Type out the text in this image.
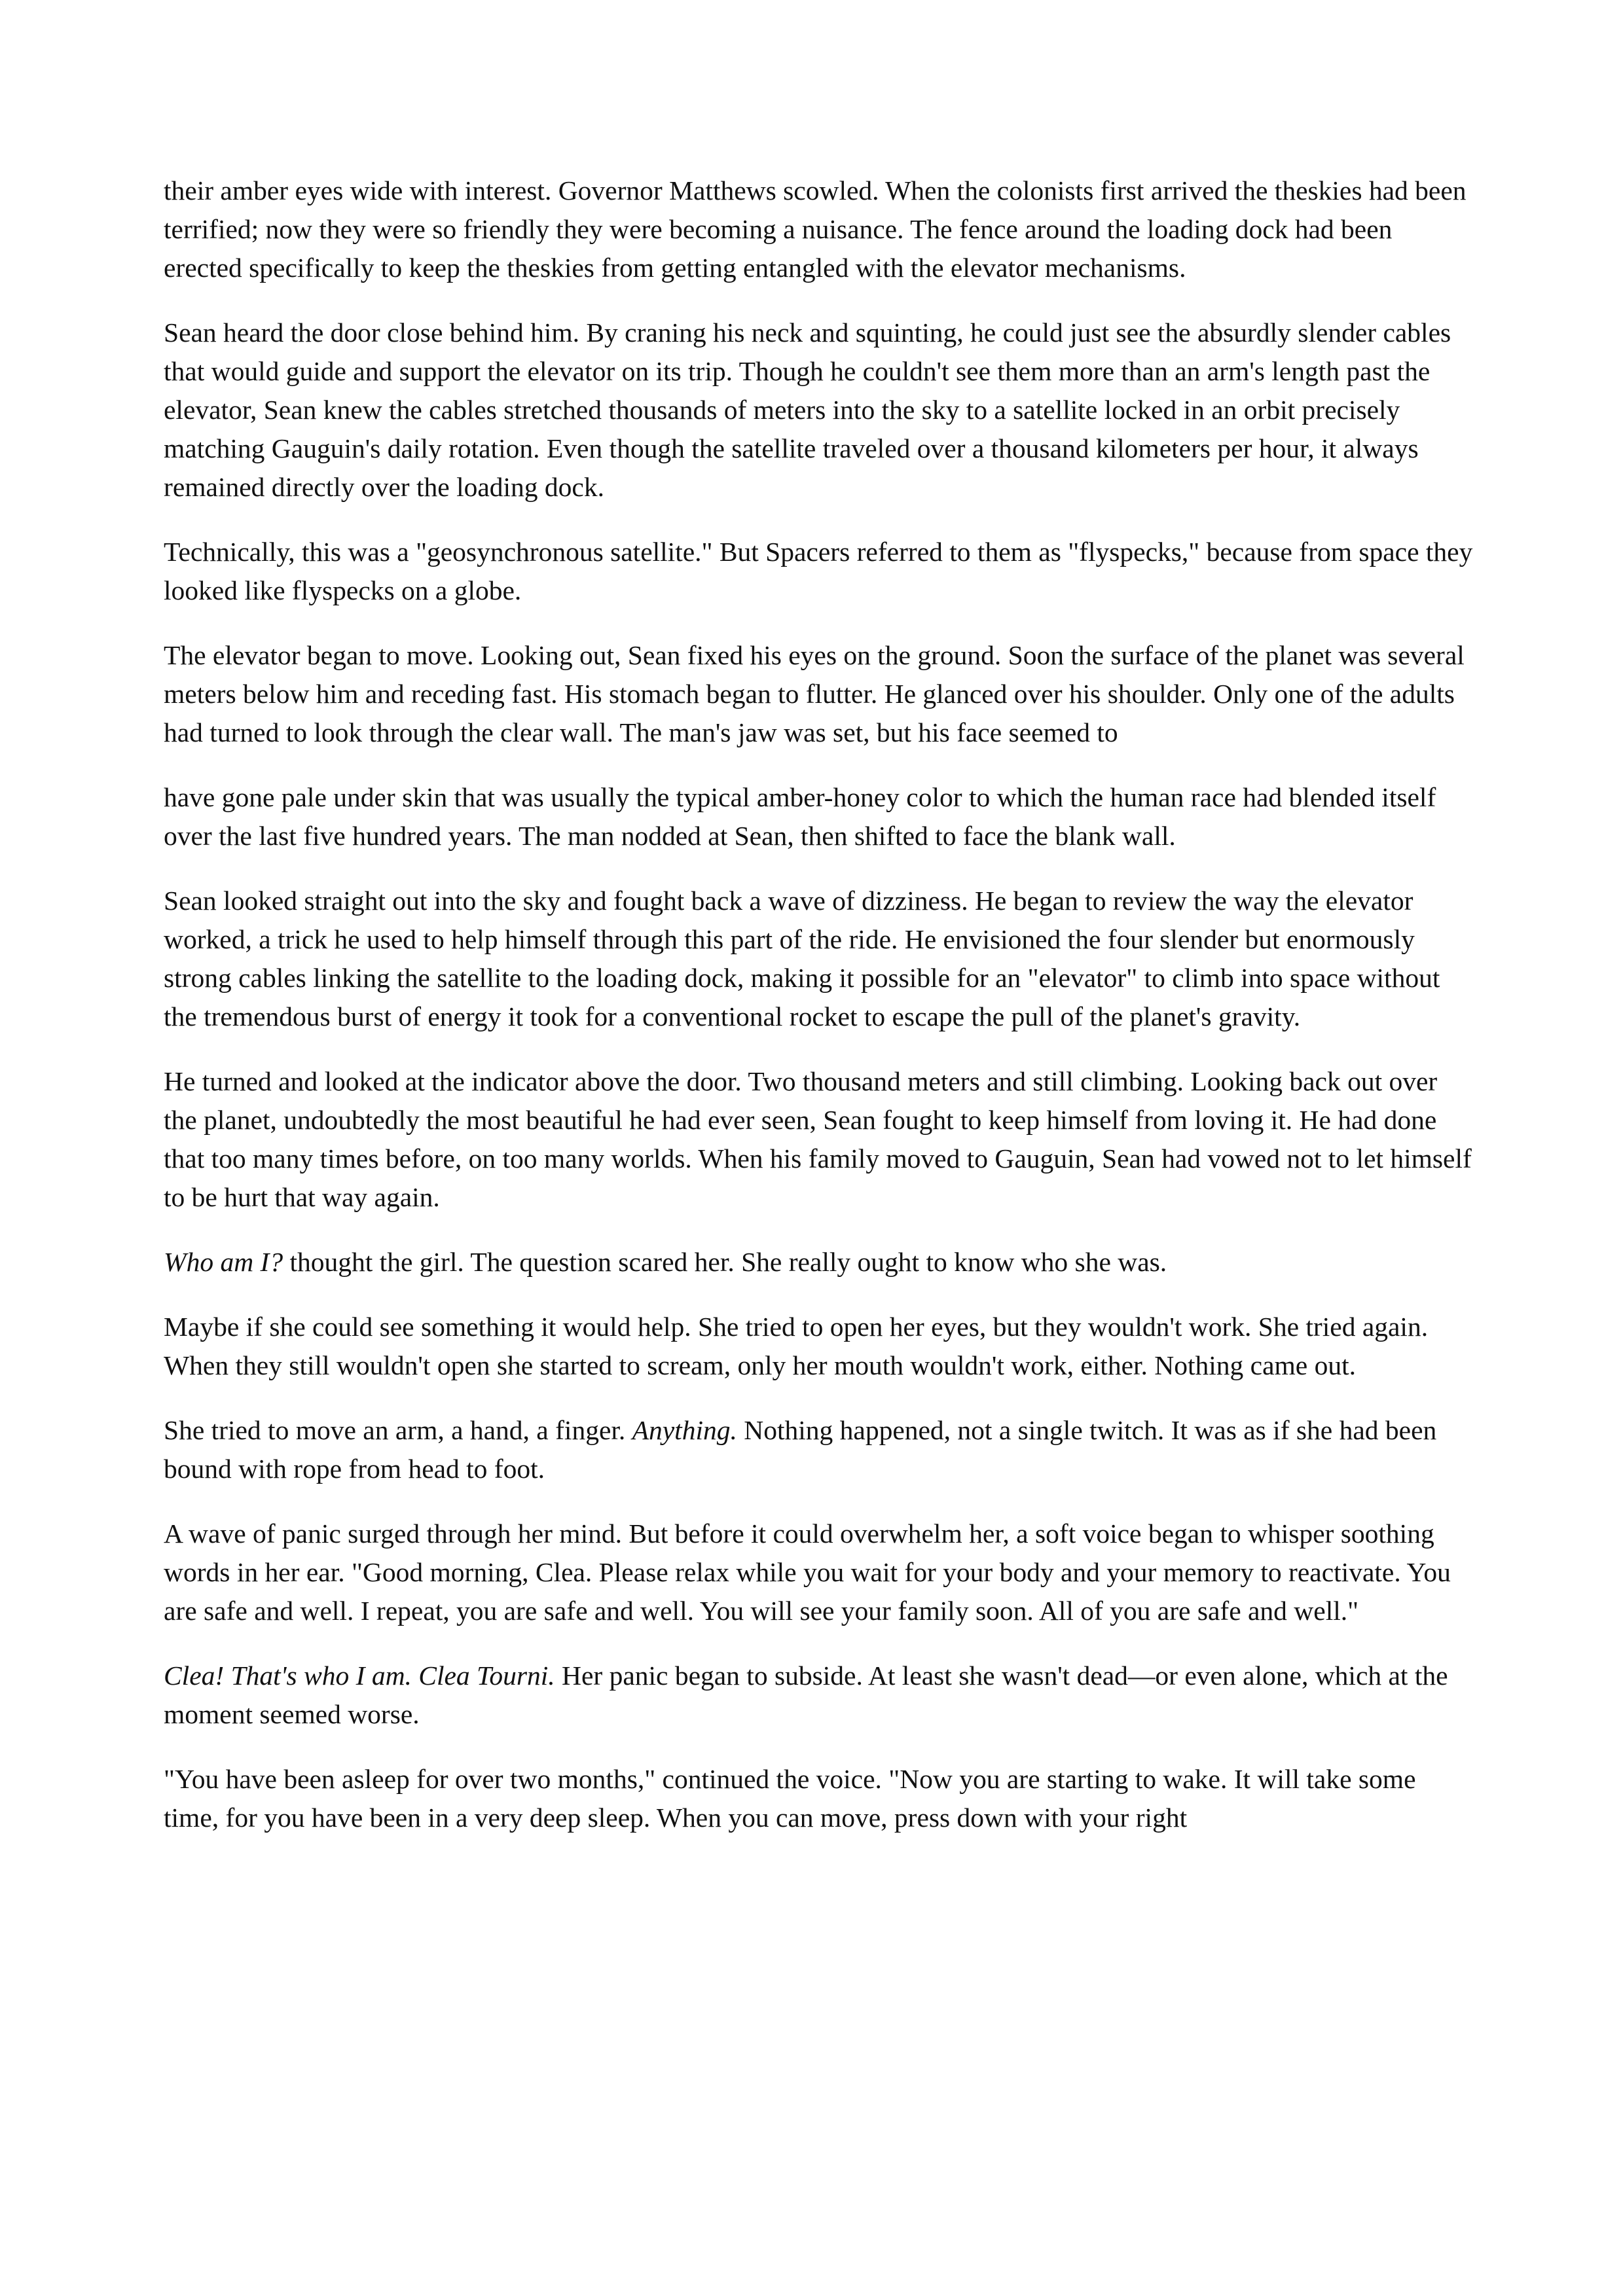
their amber eyes wide with interest. Governor Matthews scowled. When the colonists first arrived the theskies had been terrified; now they were so friendly they were becoming a nuisance. The fence around the loading dock had been erected specifically to keep the theskies from getting entangled with the elevator mechanisms.

Sean heard the door close behind him. By craning his neck and squinting, he could just see the absurdly slender cables that would guide and support the elevator on its trip. Though he couldn't see them more than an arm's length past the elevator, Sean knew the cables stretched thousands of meters into the sky to a satellite locked in an orbit precisely matching Gauguin's daily rotation. Even though the satellite traveled over a thousand kilometers per hour, it always remained directly over the loading dock.

Technically, this was a "geosynchronous satellite." But Spacers referred to them as "flyspecks," because from space they looked like flyspecks on a globe.

The elevator began to move. Looking out, Sean fixed his eyes on the ground. Soon the surface of the planet was several meters below him and receding fast. His stomach began to flutter. He glanced over his shoulder. Only one of the adults had turned to look through the clear wall. The man's jaw was set, but his face seemed to

have gone pale under skin that was usually the typical amber-honey color to which the human race had blended itself over the last five hundred years. The man nodded at Sean, then shifted to face the blank wall.

Sean looked straight out into the sky and fought back a wave of dizziness. He began to review the way the elevator worked, a trick he used to help himself through this part of the ride. He envisioned the four slender but enormously strong cables linking the satellite to the loading dock, making it possible for an "elevator" to climb into space without the tremendous burst of energy it took for a conventional rocket to escape the pull of the planet's gravity.

He turned and looked at the indicator above the door. Two thousand meters and still climbing. Looking back out over the planet, undoubtedly the most beautiful he had ever seen, Sean fought to keep himself from loving it. He had done that too many times before, on too many worlds. When his family moved to Gauguin, Sean had vowed not to let himself to be hurt that way again.

Who am I? thought the girl. The question scared her. She really ought to know who she was.

Maybe if she could see something it would help. She tried to open her eyes, but they wouldn't work. She tried again. When they still wouldn't open she started to scream, only her mouth wouldn't work, either. Nothing came out.

She tried to move an arm, a hand, a finger. Anything. Nothing happened, not a single twitch. It was as if she had been bound with rope from head to foot.

A wave of panic surged through her mind. But before it could overwhelm her, a soft voice began to whisper soothing words in her ear. "Good morning, Clea. Please relax while you wait for your body and your memory to reactivate. You are safe and well. I repeat, you are safe and well. You will see your family soon. All of you are safe and well."

Clea! That's who I am. Clea Tourni. Her panic began to subside. At least she wasn't dead—or even alone, which at the moment seemed worse.

"You have been asleep for over two months," continued the voice. "Now you are starting to wake. It will take some time, for you have been in a very deep sleep. When you can move, press down with your right
